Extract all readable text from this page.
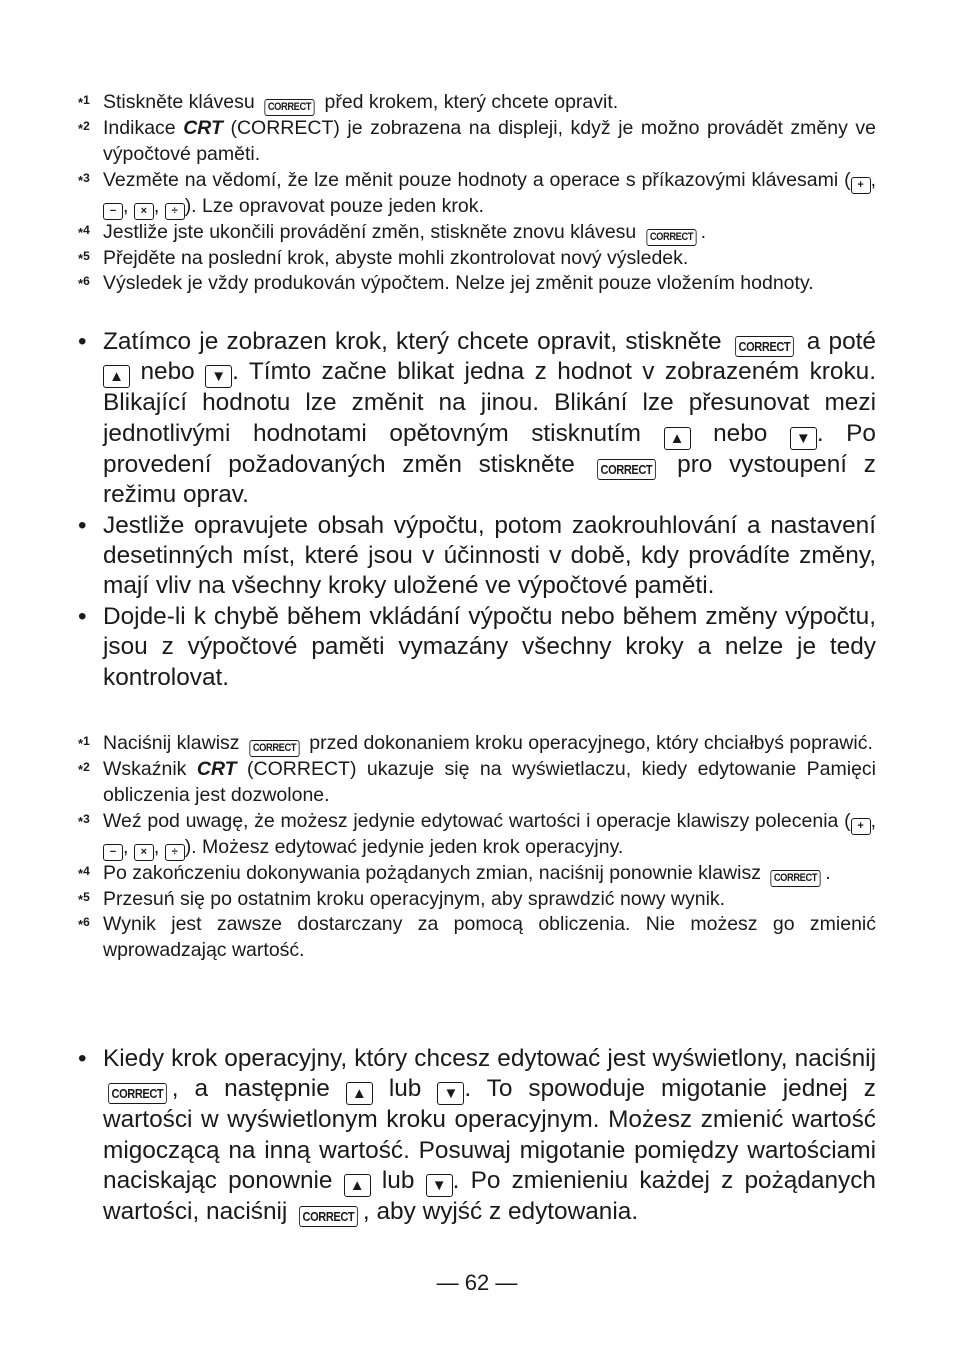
*$^1$ Stiskněte klávesu CORRECT před krokem, který chcete opravit.
*$^2$ Indikace CRT (CORRECT) je zobrazena na displeji, když je možno provádět změny ve výpočtové paměti.
*$^3$ Vezměte na vědomí, že lze měnit pouze hodnoty a operace s příkazovými klávesami ( + , − , × , ÷ ). Lze opravovat pouze jeden krok.
*$^4$ Jestliže jste ukončili provádění změn, stiskněte znovu klávesu CORRECT .
*$^5$ Přejděte na poslední krok, abyste mohli zkontrolovat nový výsledek.
*$^6$ Výsledek je vždy produkován výpočtem. Nelze jej změnit pouze vložením hodnoty.
• Zatímco je zobrazen krok, který chcete opravit, stiskněte CORRECT a poté ▲ nebo ▼ . Tímto začne blikat jedna z hodnot v zobrazeném kroku. Blikající hodnotu lze změnit na jinou. Blikání lze přesunovat mezi jednotlivými hodnotami opětovným stisknutím ▲ nebo ▼ . Po provedení požadovaných změn stiskněte CORRECT pro vystoupení z režimu oprav.
• Jestliže opravujete obsah výpočtu, potom zaokrouhlování a nastavení desetinných míst, které jsou v účinnosti v době, kdy provádíte změny, mají vliv na všechny kroky uložené ve výpočtové paměti.
• Dojde-li k chybě během vkládání výpočtu nebo během změny výpočtu, jsou z výpočtové paměti vymazány všechny kroky a nelze je tedy kontrolovat.
*$^1$ Naciśnij klawisz CORRECT przed dokonaniem kroku operacyjnego, który chciałbyś poprawić.
*$^2$ Wskaźnik CRT (CORRECT) ukazuje się na wyświetlaczu, kiedy edytowanie Pamięci obliczenia jest dozwolone.
*$^3$ Weź pod uwagę, że możesz jedynie edytować wartości i operacje klawiszy polecenia ( + , − , × , ÷ ). Możesz edytować jedynie jeden krok operacyjny.
*$^4$ Po zakończeniu dokonywania pożądanych zmian, naciśnij ponownie klawisz CORRECT .
*$^5$ Przesuń się po ostatnim kroku operacyjnym, aby sprawdzić nowy wynik.
*$^6$ Wynik jest zawsze dostarczany za pomocą obliczenia. Nie możesz go zmienić wprowadzając wartość.
• Kiedy krok operacyjny, który chcesz edytować jest wyświetlony, naciśnij CORRECT , a następnie ▲ lub ▼ . To spowoduje migotanie jednej z wartości w wyświetlonym kroku operacyjnym. Możesz zmienić wartość migoczącą na inną wartość. Posuwaj migotanie pomiędzy wartościami naciskając ponownie ▲ lub ▼ . Po zmienieniu każdej z pożądanych wartości, naciśnij CORRECT , aby wyjść z edytowania.
— 62 —
